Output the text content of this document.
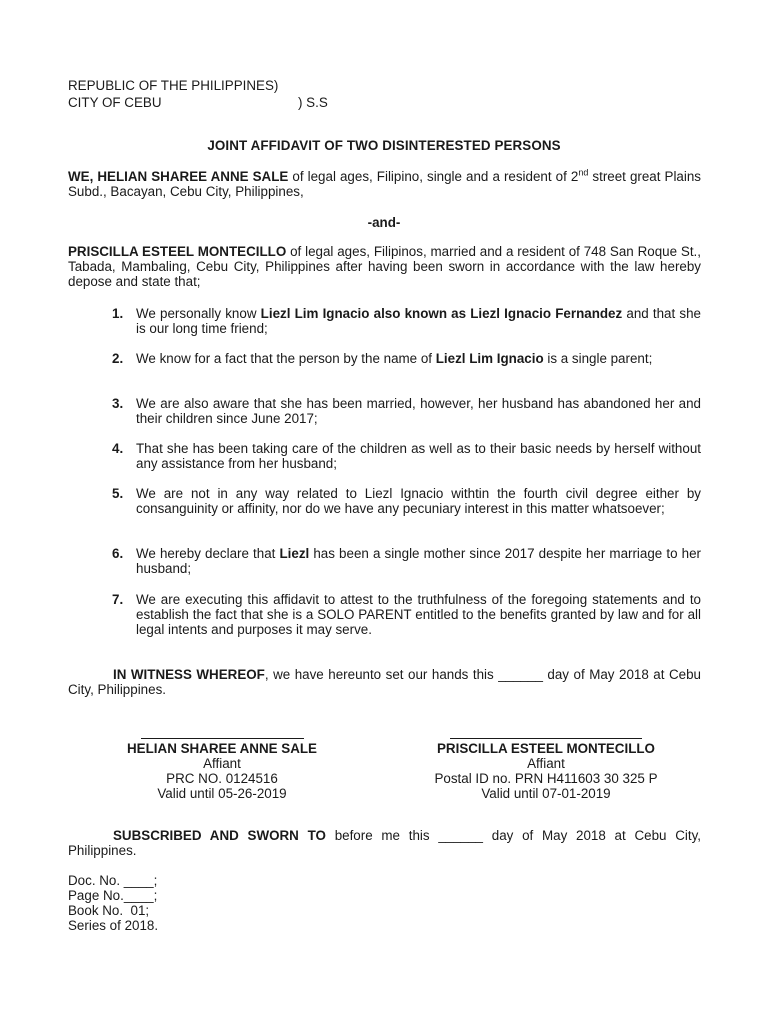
REPUBLIC OF THE PHILIPPINES)
CITY OF CEBU	) S.S
JOINT AFFIDAVIT OF TWO DISINTERESTED PERSONS
WE, HELIAN SHAREE ANNE SALE of legal ages, Filipino, single and a resident of 2nd street great Plains Subd., Bacayan, Cebu City, Philippines,
-and-
PRISCILLA ESTEEL MONTECILLO of legal ages, Filipinos, married and a resident of 748 San Roque St., Tabada, Mambaling, Cebu City, Philippines after having been sworn in accordance with the law hereby depose and state that;
1. We personally know Liezl Lim Ignacio also known as Liezl Ignacio Fernandez and that she is our long time friend;
2. We know for a fact that the person by the name of Liezl Lim Ignacio is a single parent;
3. We are also aware that she has been married, however, her husband has abandoned her and their children since June 2017;
4. That she has been taking care of the children as well as to their basic needs by herself without any assistance from her husband;
5. We are not in any way related to Liezl Ignacio withtin the fourth civil degree either by consanguinity or affinity, nor do we have any pecuniary interest in this matter whatsoever;
6. We hereby declare that Liezl has been a single mother since 2017 despite her marriage to her husband;
7. We are executing this affidavit to attest to the truthfulness of the foregoing statements and to establish the fact that she is a SOLO PARENT entitled to the benefits granted by law and for all legal intents and purposes it may serve.
IN WITNESS WHEREOF, we have hereunto set our hands this ______ day of May 2018 at Cebu City, Philippines.
HELIAN SHAREE ANNE SALE
Affiant
PRC NO. 0124516
Valid until 05-26-2019
PRISCILLA ESTEEL MONTECILLO
Affiant
Postal ID no. PRN H411603 30 325 P
Valid until 07-01-2019
SUBSCRIBED AND SWORN TO before me this ______ day of May 2018 at Cebu City, Philippines.
Doc. No. ____;
Page No.____;
Book No.  01;
Series of 2018.
